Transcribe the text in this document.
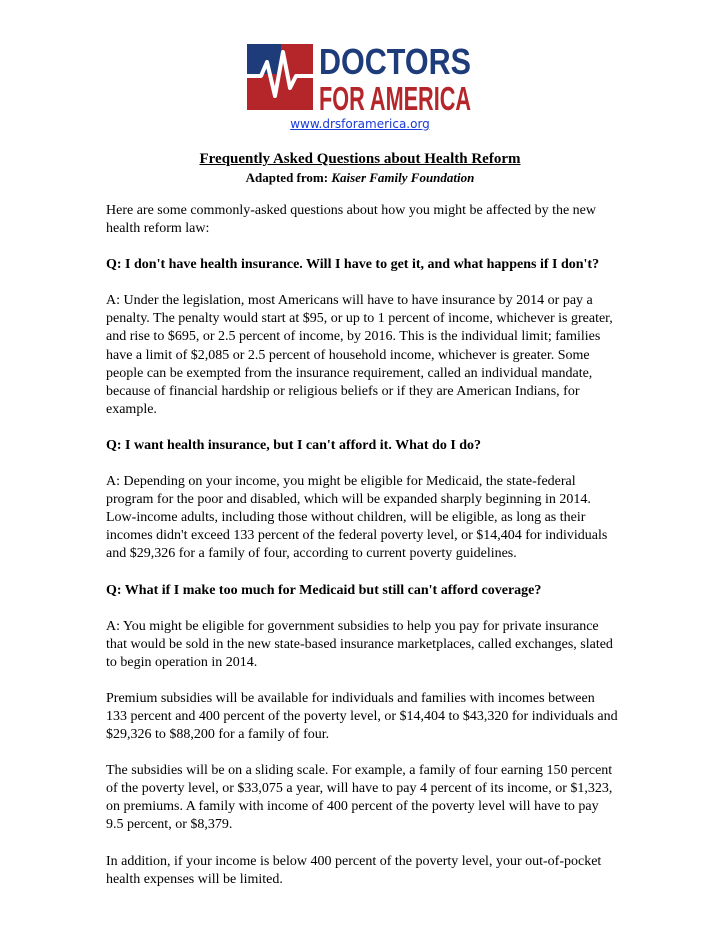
DOCTORS
FOR AMERICA
www.drsforamerica.org
Frequently Asked Questions about Health Reform
Adapted from: Kaiser Family Foundation

Here are some commonly-asked questions about how you might be affected by the new health reform law:

Q: I don't have health insurance. Will I have to get it, and what happens if I don't?

A: Under the legislation, most Americans will have to have insurance by 2014 or pay a penalty. The penalty would start at $95, or up to 1 percent of income, whichever is greater, and rise to $695, or 2.5 percent of income, by 2016. This is the individual limit; families have a limit of $2,085 or 2.5 percent of household income, whichever is greater. Some people can be exempted from the insurance requirement, called an individual mandate, because of financial hardship or religious beliefs or if they are American Indians, for example.

Q: I want health insurance, but I can't afford it. What do I do?

A: Depending on your income, you might be eligible for Medicaid, the state-federal program for the poor and disabled, which will be expanded sharply beginning in 2014. Low-income adults, including those without children, will be eligible, as long as their incomes didn't exceed 133 percent of the federal poverty level, or $14,404 for individuals and $29,326 for a family of four, according to current poverty guidelines.

Q: What if I make too much for Medicaid but still can't afford coverage?

A: You might be eligible for government subsidies to help you pay for private insurance that would be sold in the new state-based insurance marketplaces, called exchanges, slated to begin operation in 2014.

Premium subsidies will be available for individuals and families with incomes between 133 percent and 400 percent of the poverty level, or $14,404 to $43,320 for individuals and $29,326 to $88,200 for a family of four.

The subsidies will be on a sliding scale. For example, a family of four earning 150 percent of the poverty level, or $33,075 a year, will have to pay 4 percent of its income, or $1,323, on premiums. A family with income of 400 percent of the poverty level will have to pay 9.5 percent, or $8,379.

In addition, if your income is below 400 percent of the poverty level, your out-of-pocket health expenses will be limited.
